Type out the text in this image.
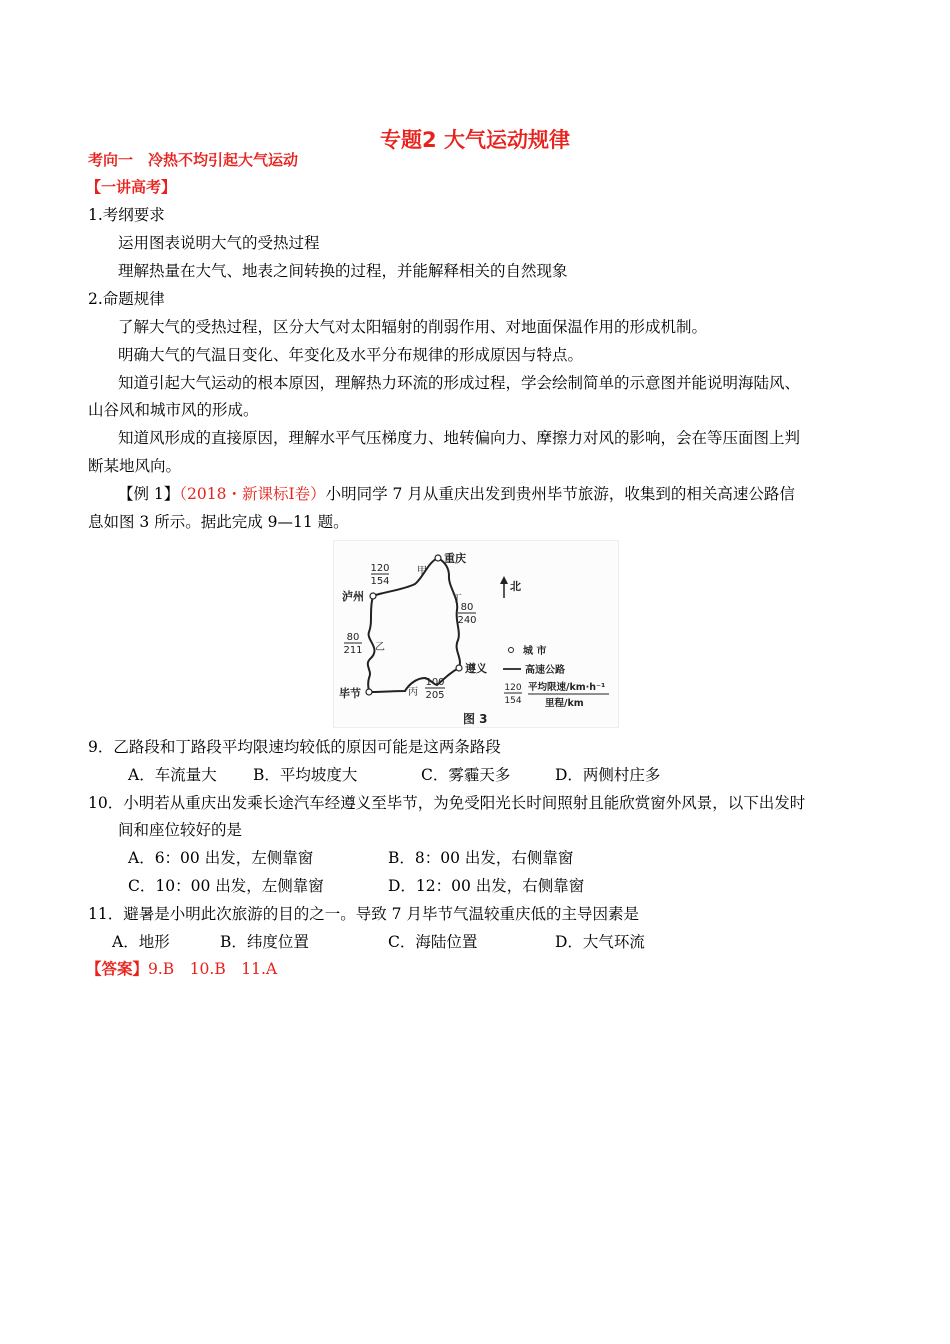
专题2 大气运动规律
考向一　冷热不均引起大气运动
【一讲高考】
1.考纲要求
运用图表说明大气的受热过程
理解热量在大气、地表之间转换的过程，并能解释相关的自然现象
2.命题规律
了解大气的受热过程，区分大气对太阳辐射的削弱作用、对地面保温作用的形成机制。
明确大气的气温日变化、年变化及水平分布规律的形成原因与特点。
知道引起大气运动的根本原因，理解热力环流的形成过程，学会绘制简单的示意图并能说明海陆风、
山谷风和城市风的形成。
知道风形成的直接原因，理解水平气压梯度力、地转偏向力、摩擦力对风的影响，会在等压面图上判
断某地风向。
【例 1】（2018・新课标Ⅰ卷）小明同学 7 月从重庆出发到贵州毕节旅游，收集到的相关高速公路信
息如图 3 所示。据此完成 9—11 题。
重庆
泸州
遵义
毕节
甲
丁
丙
乙
120
154
80
240
80
211
100
205
北
城 市
高速公路
120
154
平均限速/km·h⁻¹
里程/km
图 3
9．乙路段和丁路段平均限速均较低的原因可能是这两条路段
A．车流量大 B．平均坡度大	C．雾霾天多	D．两侧村庄多
10．小明若从重庆出发乘长途汽车经遵义至毕节，为免受阳光长时间照射且能欣赏窗外风景，以下出发时
间和座位较好的是
A．6：00 出发，左侧靠窗	B．8：00 出发，右侧靠窗
C．10：00 出发，左侧靠窗	D．12：00 出发，右侧靠窗
11．避暑是小明此次旅游的目的之一。导致 7 月毕节气温较重庆低的主导因素是
A．地形	B．纬度位置	C．海陆位置	D．大气环流
【答案】9.B　10.B　11.A
